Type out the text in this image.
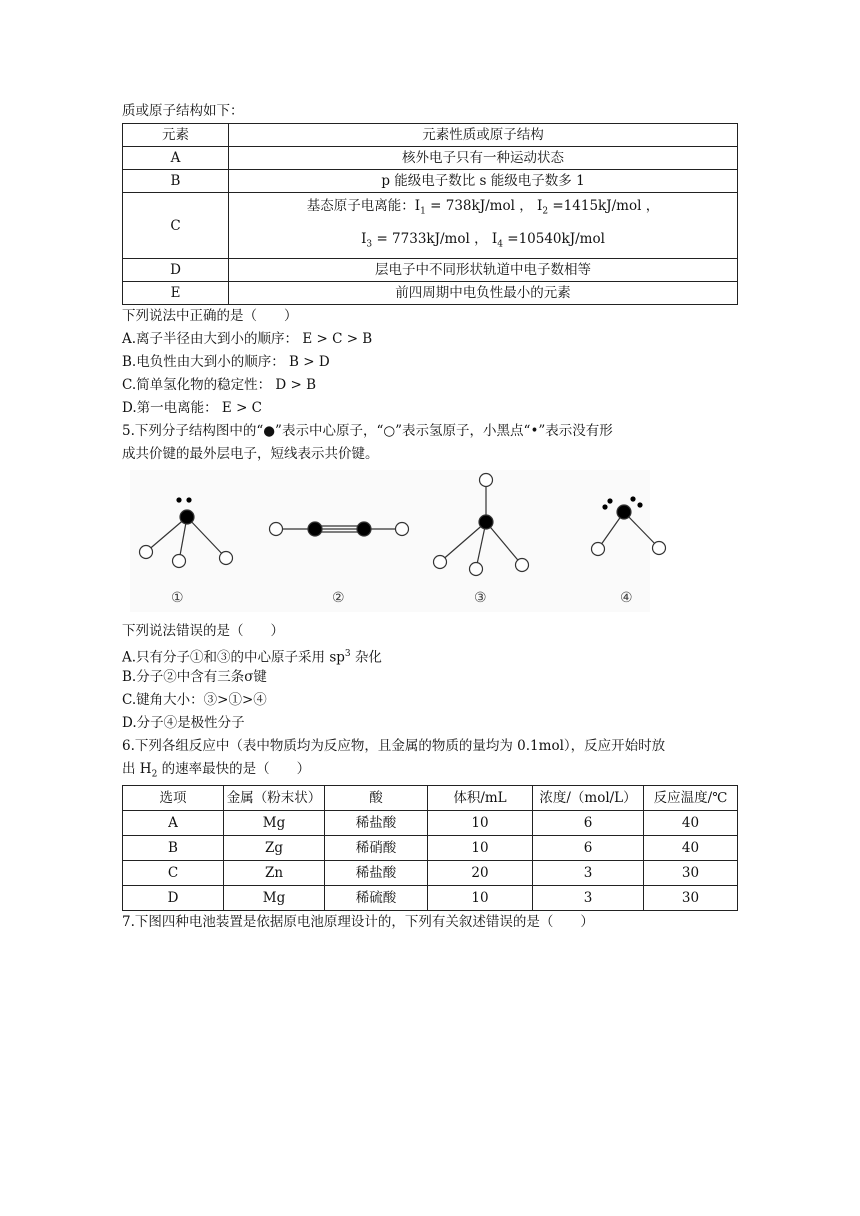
质或原子结构如下：
元素	元素性质或原子结构
A	核外电子只有一种运动状态
B	p 能级电子数比 s 能级电子数多 1
C	基态原子电离能：$I_1 = 738kJ/mol$ ， $I_2 =1415kJ/mol$ ，
$I_3 = 7733kJ/mol$ ， $I_4 =10540kJ/mol$

D	层电子中不同形状轨道中电子数相等
E	前四周期中电负性最小的元素
下列说法中正确的是（　　）
A.离子半径由大到小的顺序： E > C > B
B.电负性由大到小的顺序： B > D
C.简单氢化物的稳定性： D > B
D.第一电离能： E > C
5.下列分子结构图中的“●”表示中心原子，“○”表示氢原子，小黑点“•”表示没有形
成共价键的最外层电子，短线表示共价键。
①	②	③	④
下列说法错误的是（　　）
A.只有分子①和③的中心原子采用 $sp^3$ 杂化
B.分子②中含有三条σ键
C.键角大小：③>①>④
D.分子④是极性分子
6.下列各组反应中（表中物质均为反应物，且金属的物质的量均为 0.1mol），反应开始时放
出 $H_2$ 的速率最快的是（　　）
选项	金属（粉末状）	酸	体积/mL	浓度/（mol/L）	反应温度/℃
A	Mg	稀盐酸	10	6	40
B	Zg	稀硝酸	10	6	40
C	Zn	稀盐酸	20	3	30
D	Mg	稀硫酸	10	3	30
7.下图四种电池装置是依据原电池原理设计的，下列有关叙述错误的是（　　）
